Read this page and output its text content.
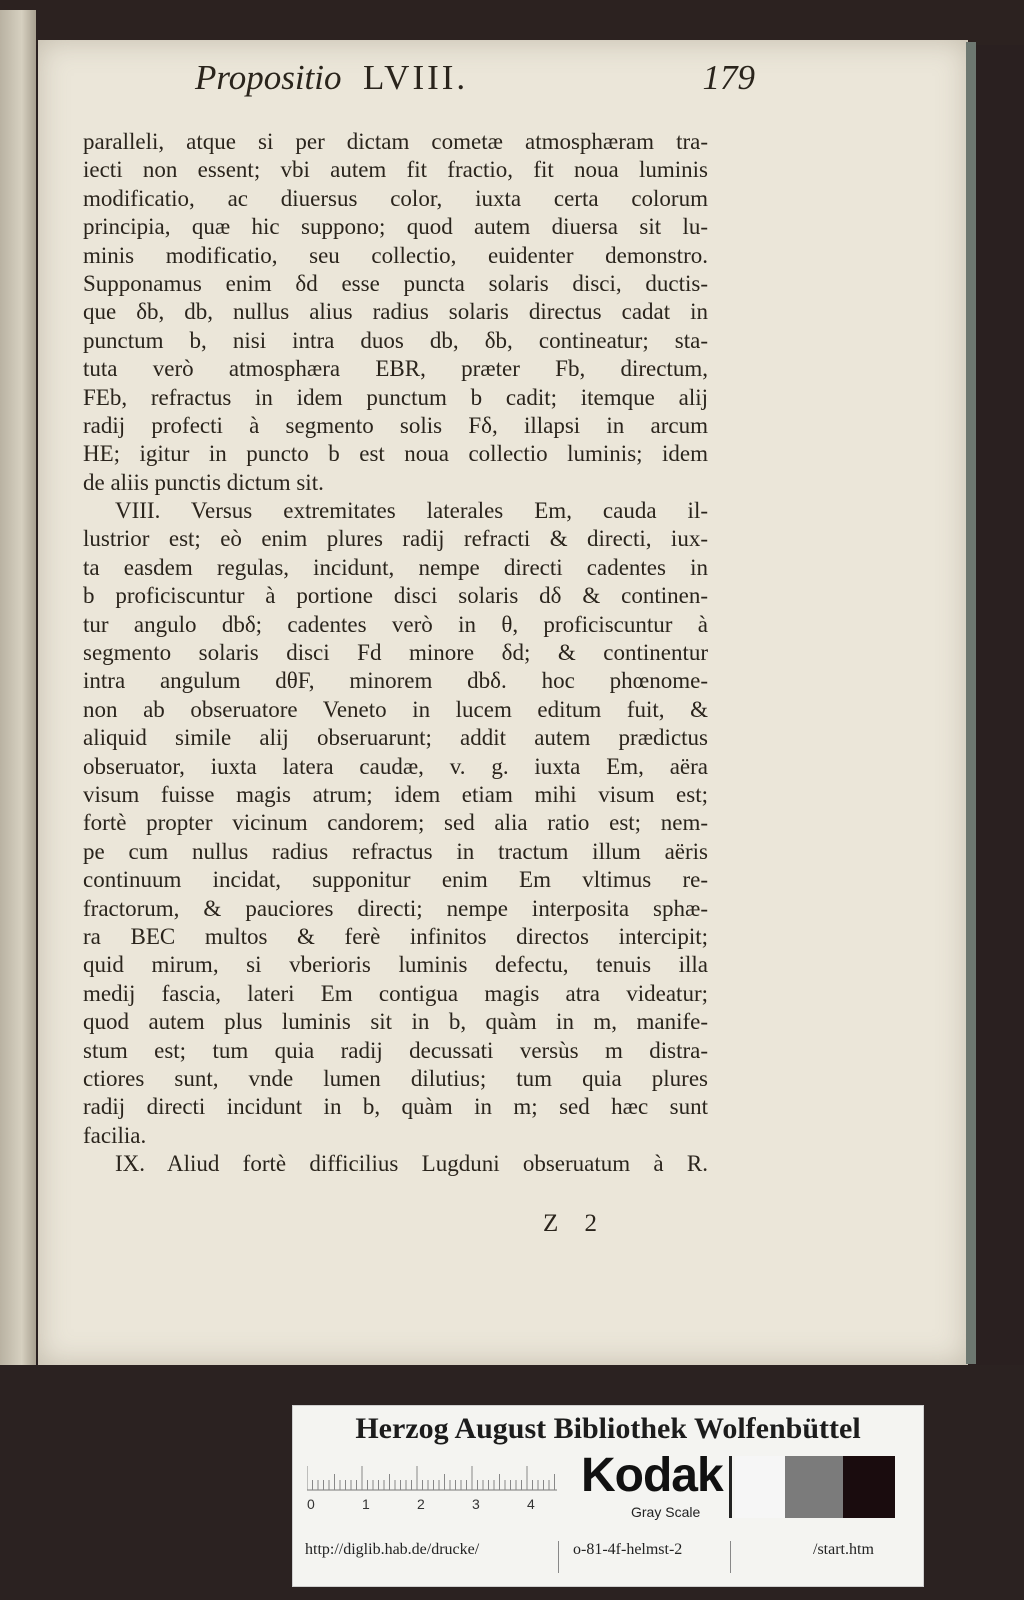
Propositio LVIII.	179
paralleli, atque si per dictam cometæ atmosphæram tra-
iecti non essent; vbi autem fit fractio, fit noua luminis
modificatio, ac diuersus color, iuxta certa colorum
principia, quæ hic suppono; quod autem diuersa sit lu-
minis modificatio, seu collectio, euidenter demonstro.
Supponamus enim δd esse puncta solaris disci, ductis-
que δb, db, nullus alius radius solaris directus cadat in
punctum b, nisi intra duos db, δb, contineatur; sta-
tuta verò atmosphæra EBR, præter Fb, directum,
FEb, refractus in idem punctum b cadit; itemque alij
radij profecti à segmento solis Fδ, illapsi in arcum
HE; igitur in puncto b est noua collectio luminis; idem
de aliis punctis dictum sit.
VIII. Versus extremitates laterales Em, cauda il-
lustrior est; eò enim plures radij refracti & directi, iux-
ta easdem regulas, incidunt, nempe directi cadentes in
b proficiscuntur à portione disci solaris dδ & continen-
tur angulo dbδ; cadentes verò in θ, proficiscuntur à
segmento solaris disci Fd minore δd; & continentur
intra angulum dθF, minorem dbδ. hoc phœnome-
non ab obseruatore Veneto in lucem editum fuit, &
aliquid simile alij obseruarunt; addit autem prædictus
obseruator, iuxta latera caudæ, v. g. iuxta Em, aëra
visum fuisse magis atrum; idem etiam mihi visum est;
fortè propter vicinum candorem; sed alia ratio est; nem-
pe cum nullus radius refractus in tractum illum aëris
continuum incidat, supponitur enim Em vltimus re-
fractorum, & pauciores directi; nempe interposita sphæ-
ra BEC multos & ferè infinitos directos intercipit;
quid mirum, si vberioris luminis defectu, tenuis illa
medij fascia, lateri Em contigua magis atra videatur;
quod autem plus luminis sit in b, quàm in m, manife-
stum est; tum quia radij decussati versùs m distra-
ctiores sunt, vnde lumen dilutius; tum quia plures
radij directi incidunt in b, quàm in m; sed hæc sunt
facilia.
IX. Aliud fortè difficilius Lugduni obseruatum à R.
Z 2
Herzog August Bibliothek Wolfenbüttel
0	1	2	3	4
Kodak
Gray Scale
http://diglib.hab.de/drucke/	o-81-4f-helmst-2	/start.htm
